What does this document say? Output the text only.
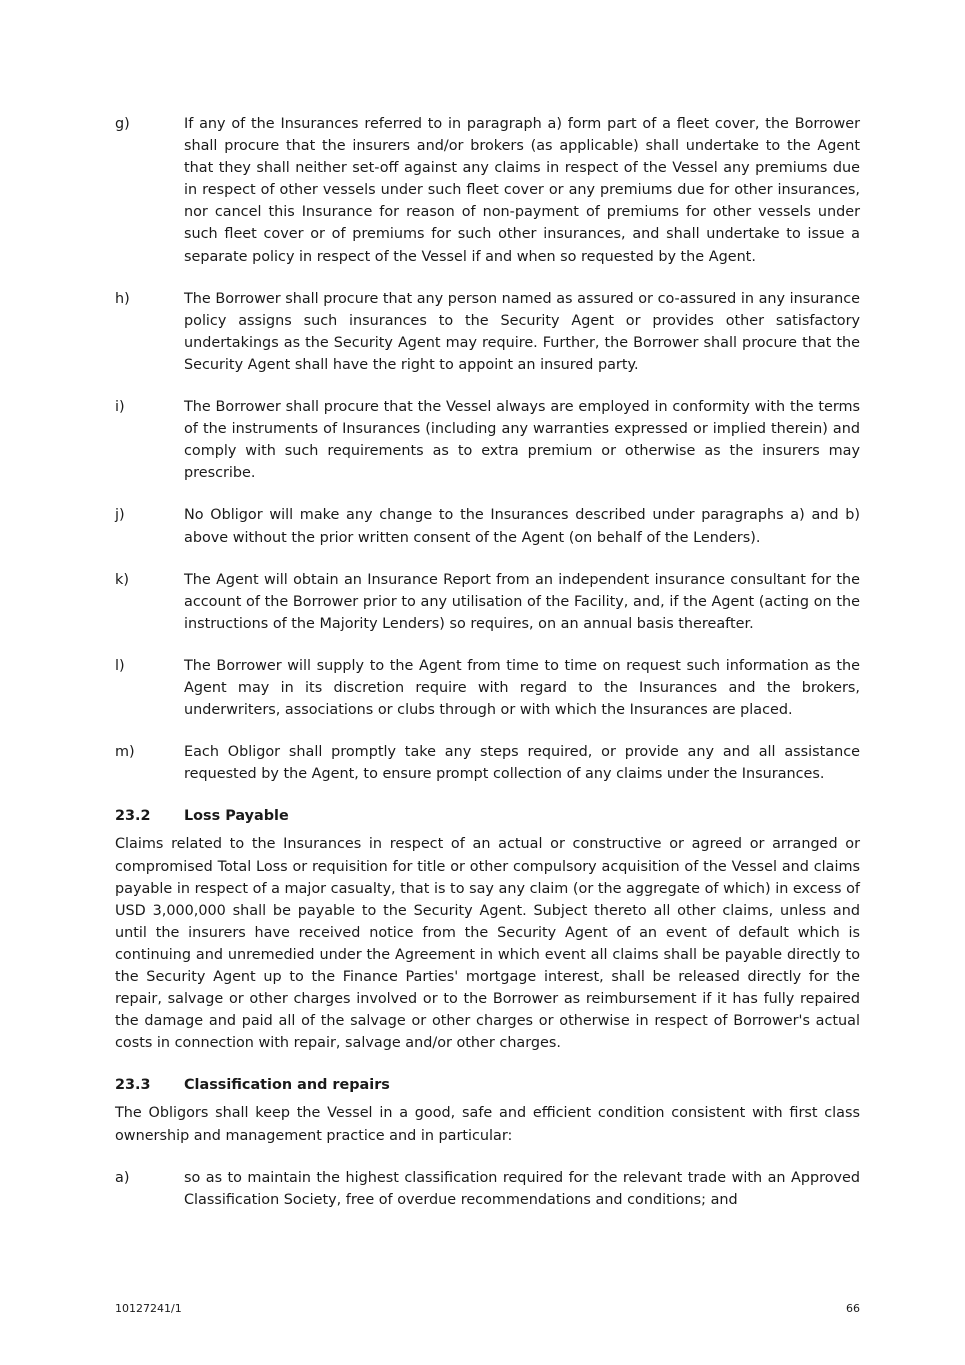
g)	If any of the Insurances referred to in paragraph a) form part of a fleet cover, the Borrower shall procure that the insurers and/or brokers (as applicable) shall undertake to the Agent that they shall neither set-off against any claims in respect of the Vessel any premiums due in respect of other vessels under such fleet cover or any premiums due for other insurances, nor cancel this Insurance for reason of non-payment of premiums for other vessels under such fleet cover or of premiums for such other insurances, and shall undertake to issue a separate policy in respect of the Vessel if and when so requested by the Agent.
h)	The Borrower shall procure that any person named as assured or co-assured in any insurance policy assigns such insurances to the Security Agent or provides other satisfactory undertakings as the Security Agent may require. Further, the Borrower shall procure that the Security Agent shall have the right to appoint an insured party.
i)	The Borrower shall procure that the Vessel always are employed in conformity with the terms of the instruments of Insurances (including any warranties expressed or implied therein) and comply with such requirements as to extra premium or otherwise as the insurers may prescribe.
j)	No Obligor will make any change to the Insurances described under paragraphs a) and b) above without the prior written consent of the Agent (on behalf of the Lenders).
k)	The Agent will obtain an Insurance Report from an independent insurance consultant for the account of the Borrower prior to any utilisation of the Facility, and, if the Agent (acting on the instructions of the Majority Lenders) so requires, on an annual basis thereafter.
l)	The Borrower will supply to the Agent from time to time on request such information as the Agent may in its discretion require with regard to the Insurances and the brokers, underwriters, associations or clubs through or with which the Insurances are placed.
m)	Each Obligor shall promptly take any steps required, or provide any and all assistance requested by the Agent, to ensure prompt collection of any claims under the Insurances.
23.2	Loss Payable
Claims related to the Insurances in respect of an actual or constructive or agreed or arranged or compromised Total Loss or requisition for title or other compulsory acquisition of the Vessel and claims payable in respect of a major casualty, that is to say any claim (or the aggregate of which) in excess of USD 3,000,000 shall be payable to the Security Agent. Subject thereto all other claims, unless and until the insurers have received notice from the Security Agent of an event of default which is continuing and unremedied under the Agreement in which event all claims shall be payable directly to the Security Agent up to the Finance Parties' mortgage interest, shall be released directly for the repair, salvage or other charges involved or to the Borrower as reimbursement if it has fully repaired the damage and paid all of the salvage or other charges or otherwise in respect of Borrower's actual costs in connection with repair, salvage and/or other charges.
23.3	Classification and repairs
The Obligors shall keep the Vessel in a good, safe and efficient condition consistent with first class ownership and management practice and in particular:
a)	so as to maintain the highest classification required for the relevant trade with an Approved Classification Society, free of overdue recommendations and conditions; and
10127241/1	66
